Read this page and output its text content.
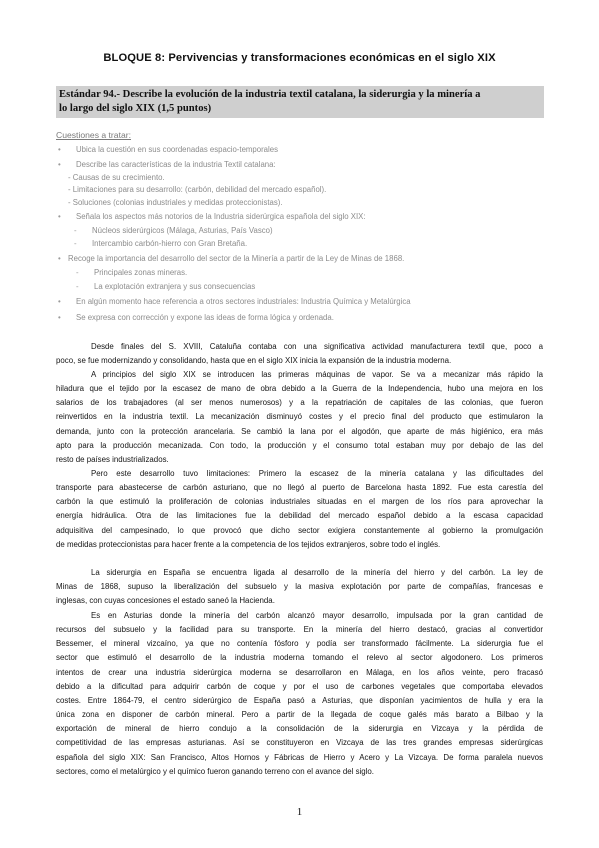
BLOQUE 8: Pervivencias y transformaciones económicas en el siglo XIX
Estándar 94.- Describe la evolución de la industria textil catalana, la siderurgia y la minería a
lo largo del siglo XIX (1,5 puntos)
Cuestiones a tratar:
• Ubica la cuestión en sus coordenadas espacio-temporales
• Describe las características de la industria Textil catalana:
- Causas de su crecimiento.
- Limitaciones para su desarrollo: (carbón, debilidad del mercado español).
- Soluciones (colonias industriales y medidas proteccionistas).
• Señala los aspectos más notorios de la Industria siderúrgica española del siglo XIX:
- Núcleos siderúrgicos (Málaga, Asturias, País Vasco)
- Intercambio carbón-hierro con Gran Bretaña.
• Recoge la importancia del desarrollo del sector de la Minería a partir de la Ley de Minas de 1868.
- Principales zonas mineras.
- La explotación extranjera y sus consecuencias
• En algún momento hace referencia a otros sectores industriales: Industria Química y Metalúrgica
• Se expresa con corrección y expone las ideas de forma lógica y ordenada.
Desde finales del S. XVIII, Cataluña contaba con una significativa actividad manufacturera textil que, poco a
poco, se fue modernizando y consolidando, hasta que en el siglo XIX inicia la expansión de la industria moderna.
A principios del siglo XIX se introducen las primeras máquinas de vapor. Se va a mecanizar más rápido la
hiladura que el tejido por la escasez de mano de obra debido a la Guerra de la Independencia, hubo una mejora en los
salarios de los trabajadores (al ser menos numerosos) y a la repatriación de capitales de las colonias, que fueron
reinvertidos en la industria textil. La mecanización disminuyó costes y el precio final del producto que estimularon la
demanda, junto con la protección arancelaria. Se cambió la lana por el algodón, que aparte de más higiénico, era más
apto para la producción mecanizada. Con todo, la producción y el consumo total estaban muy por debajo de las del
resto de países industrializados.
Pero este desarrollo tuvo limitaciones: Primero la escasez de la minería catalana y las dificultades del
transporte para abastecerse de carbón asturiano, que no llegó al puerto de Barcelona hasta 1892. Fue esta carestía del
carbón la que estimuló la proliferación de colonias industriales situadas en el margen de los ríos para aprovechar la
energía hidráulica. Otra de las limitaciones fue la debilidad del mercado español debido a la escasa capacidad
adquisitiva del campesinado, lo que provocó que dicho sector exigiera constantemente al gobierno la promulgación
de medidas proteccionistas para hacer frente a la competencia de los tejidos extranjeros, sobre todo el inglés.
La siderurgia en España se encuentra ligada al desarrollo de la minería del hierro y del carbón. La ley de
Minas de 1868, supuso la liberalización del subsuelo y la masiva explotación por parte de compañías, francesas e
inglesas, con cuyas concesiones el estado saneó la Hacienda.
Es en Asturias donde la minería del carbón alcanzó mayor desarrollo, impulsada por la gran cantidad de
recursos del subsuelo y la facilidad para su transporte. En la minería del hierro destacó, gracias al convertidor
Bessemer, el mineral vizcaíno, ya que no contenía fósforo y podía ser transformado fácilmente. La siderurgia fue el
sector que estimuló el desarrollo de la industria moderna tomando el relevo al sector algodonero. Los primeros
intentos de crear una industria siderúrgica moderna se desarrollaron en Málaga, en los años veinte, pero fracasó
debido a la dificultad para adquirir carbón de coque y por el uso de carbones vegetales que comportaba elevados
costes. Entre 1864-79, el centro siderúrgico de España pasó a Asturias, que disponían yacimientos de hulla y era la
única zona en disponer de carbón mineral. Pero a partir de la llegada de coque galés más barato a Bilbao y la
exportación de mineral de hierro condujo a la consolidación de la siderurgia en Vizcaya y la pérdida de
competitividad de las empresas asturianas. Así se constituyeron en Vizcaya de las tres grandes empresas siderúrgicas
española del siglo XIX: San Francisco, Altos Hornos y Fábricas de Hierro y Acero y La Vizcaya. De forma paralela nuevos
sectores, como el metalúrgico y el químico fueron ganando terreno con el avance del siglo.
1
